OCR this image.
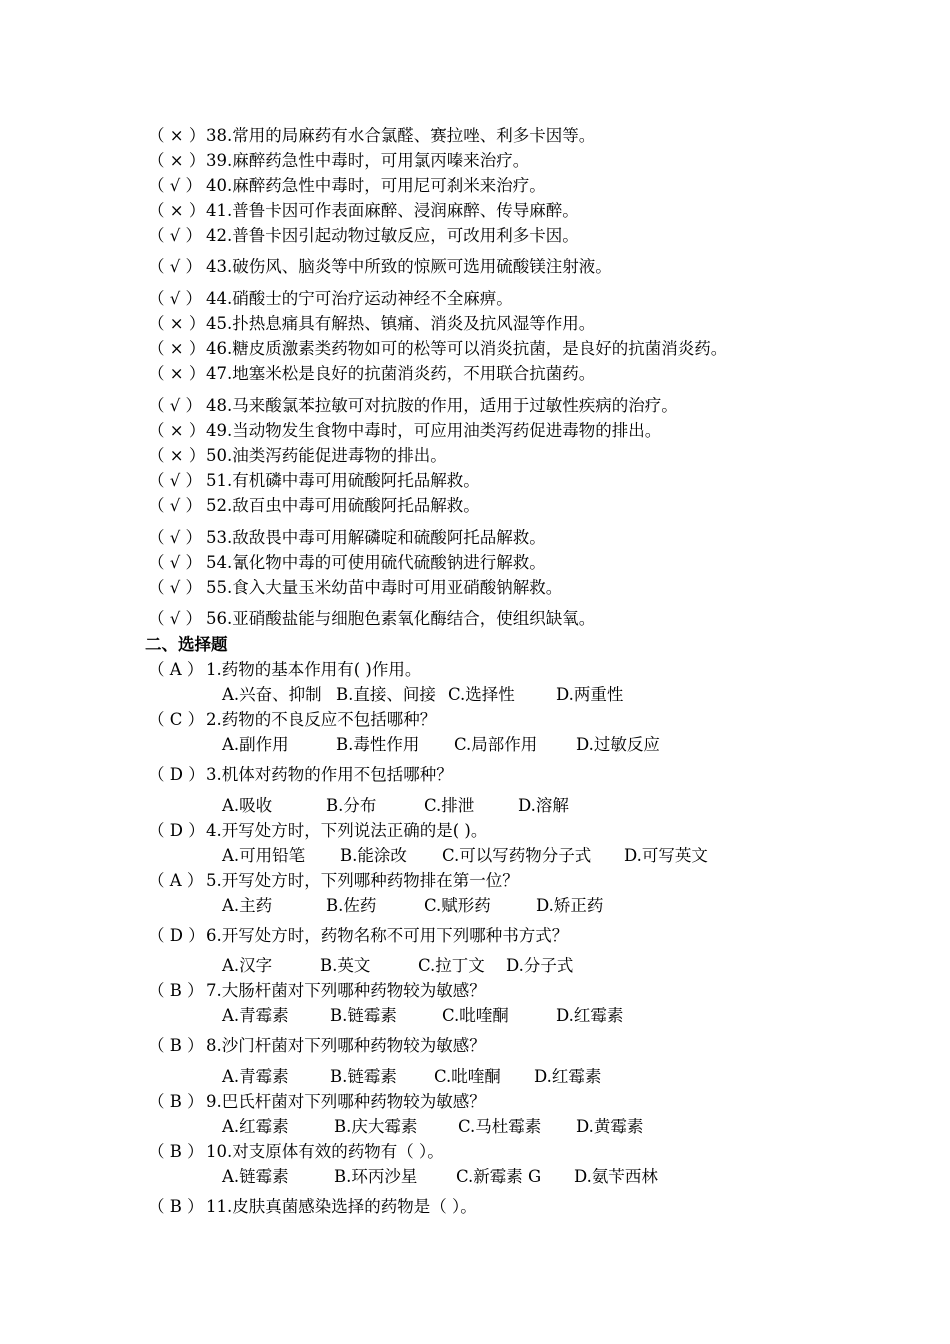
（ × ）38.常用的局麻药有水合氯醛、赛拉唑、利多卡因等。
（ × ）39.麻醉药急性中毒时，可用氯丙嗪来治疗。
（ √ ） 40.麻醉药急性中毒时，可用尼可刹米来治疗。
（ × ）41.普鲁卡因可作表面麻醉、浸润麻醉、传导麻醉。
（ √ ） 42.普鲁卡因引起动物过敏反应，可改用利多卡因。
（ √ ） 43.破伤风、脑炎等中所致的惊厥可选用硫酸镁注射液。
（ √ ） 44.硝酸士的宁可治疗运动神经不全麻痹。
（ × ）45.扑热息痛具有解热、镇痛、消炎及抗风湿等作用。
（ × ）46.糖皮质激素类药物如可的松等可以消炎抗菌，是良好的抗菌消炎药。
（ × ）47.地塞米松是良好的抗菌消炎药，不用联合抗菌药。
（ √ ） 48.马来酸氯苯拉敏可对抗胺的作用，适用于过敏性疾病的治疗。
（ × ）49.当动物发生食物中毒时，可应用油类泻药促进毒物的排出。
（ × ）50.油类泻药能促进毒物的排出。
（ √ ） 51.有机磷中毒可用硫酸阿托品解救。
（ √ ） 52.敌百虫中毒可用硫酸阿托品解救。
（ √ ） 53.敌敌畏中毒可用解磷啶和硫酸阿托品解救。
（ √ ） 54.氰化物中毒的可使用硫代硫酸钠进行解救。
（ √ ） 55.食入大量玉米幼苗中毒时可用亚硝酸钠解救。
（ √ ） 56.亚硝酸盐能与细胞色素氧化酶结合，使组织缺氧。
二、选择题
（ A ） 1.药物的基本作用有( )作用。
A.兴奋、抑制 B.直接、间接 C.选择性 D.两重性
（ C ） 2.药物的不良反应不包括哪种？
A.副作用	B.毒性作用 C.局部作用 D.过敏反应
（ D ）3.机体对药物的作用不包括哪种？
A.吸收	B.分布	C.排泄	D.溶解
（ D ）4.开写处方时，下列说法正确的是( )。
A.可用铅笔 B.能涂改 C.可以写药物分子式 D.可写英文
（ A ） 5.开写处方时，下列哪种药物排在第一位？
A.主药	B.佐药	C.赋形药	D.矫正药
（ D ）6.开写处方时，药物名称不可用下列哪种书方式？
A.汉字	B.英文	C.拉丁文 D.分子式
（ B ） 7.大肠杆菌对下列哪种药物较为敏感？
A.青霉素	B.链霉素	C.吡喹酮	D.红霉素
（ B ） 8.沙门杆菌对下列哪种药物较为敏感？
A.青霉素	B.链霉素 C.吡喹酮 D.红霉素
（ B ） 9.巴氏杆菌对下列哪种药物较为敏感？
A.红霉素	B.庆大霉素 C.马杜霉素 D.黄霉素
（ B ） 10.对支原体有效的药物有（ ）。
A.链霉素	B.环丙沙星 C.新霉素 G D.氨苄西林
（ B ） 11.皮肤真菌感染选择的药物是（ ）。
